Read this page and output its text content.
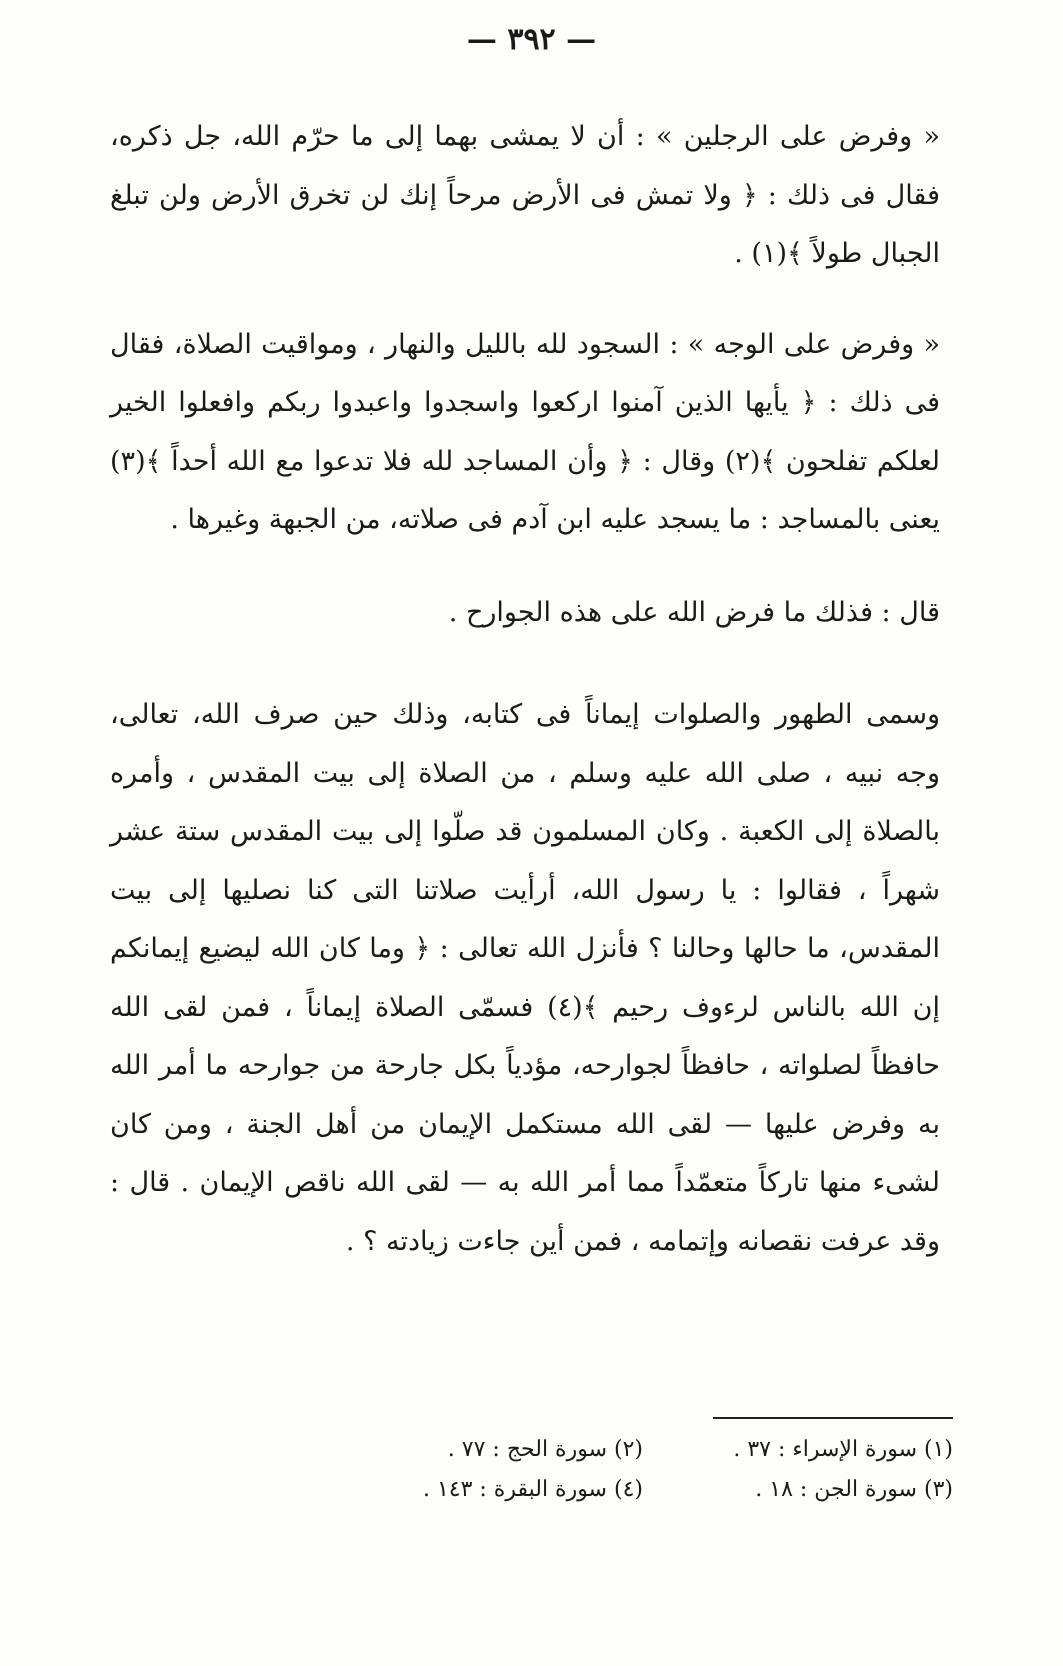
— ٣٩٢ —

« وفرض على الرجلين » : أن لا يمشى بهما إلى ما حرّم الله، جل ذكره، فقال فى ذلك : ﴿ ولا تمش فى الأرض مرحاً إنك لن تخرق الأرض ولن تبلغ الجبال طولاً ﴾(١) .

« وفرض على الوجه » : السجود لله بالليل والنهار ، ومواقيت الصلاة، فقال فى ذلك : ﴿ يأيها الذين آمنوا اركعوا واسجدوا واعبدوا ربكم وافعلوا الخير لعلكم تفلحون ﴾(٢) وقال : ﴿ وأن المساجد لله فلا تدعوا مع الله أحداً ﴾(٣) يعنى بالمساجد : ما يسجد عليه ابن آدم فى صلاته، من الجبهة وغيرها .

قال : فذلك ما فرض الله على هذه الجوارح .

وسمى الطهور والصلوات إيماناً فى كتابه، وذلك حين صرف الله، تعالى، وجه نبيه ، صلى الله عليه وسلم ، من الصلاة إلى بيت المقدس ، وأمره بالصلاة إلى الكعبة . وكان المسلمون قد صلّوا إلى بيت المقدس ستة عشر شهراً ، فقالوا : يا رسول الله، أرأيت صلاتنا التى كنا نصليها إلى بيت المقدس، ما حالها وحالنا ؟ فأنزل الله تعالى : ﴿ وما كان الله ليضيع إيمانكم إن الله بالناس لرءوف رحيم ﴾(٤) فسمّى الصلاة إيماناً ، فمن لقى الله حافظاً لصلواته ، حافظاً لجوارحه، مؤدياً بكل جارحة من جوارحه ما أمر الله به وفرض عليها — لقى الله مستكمل الإيمان من أهل الجنة ، ومن كان لشىء منها تاركاً متعمّداً مما أمر الله به — لقى الله ناقص الإيمان . قال : وقد عرفت نقصانه وإتمامه ، فمن أين جاءت زيادته ؟ .

(١) سورة الإسراء : ٣٧ .
(٢) سورة الحج : ٧٧ .
(٣) سورة الجن : ١٨ .
(٤) سورة البقرة : ١٤٣ .
